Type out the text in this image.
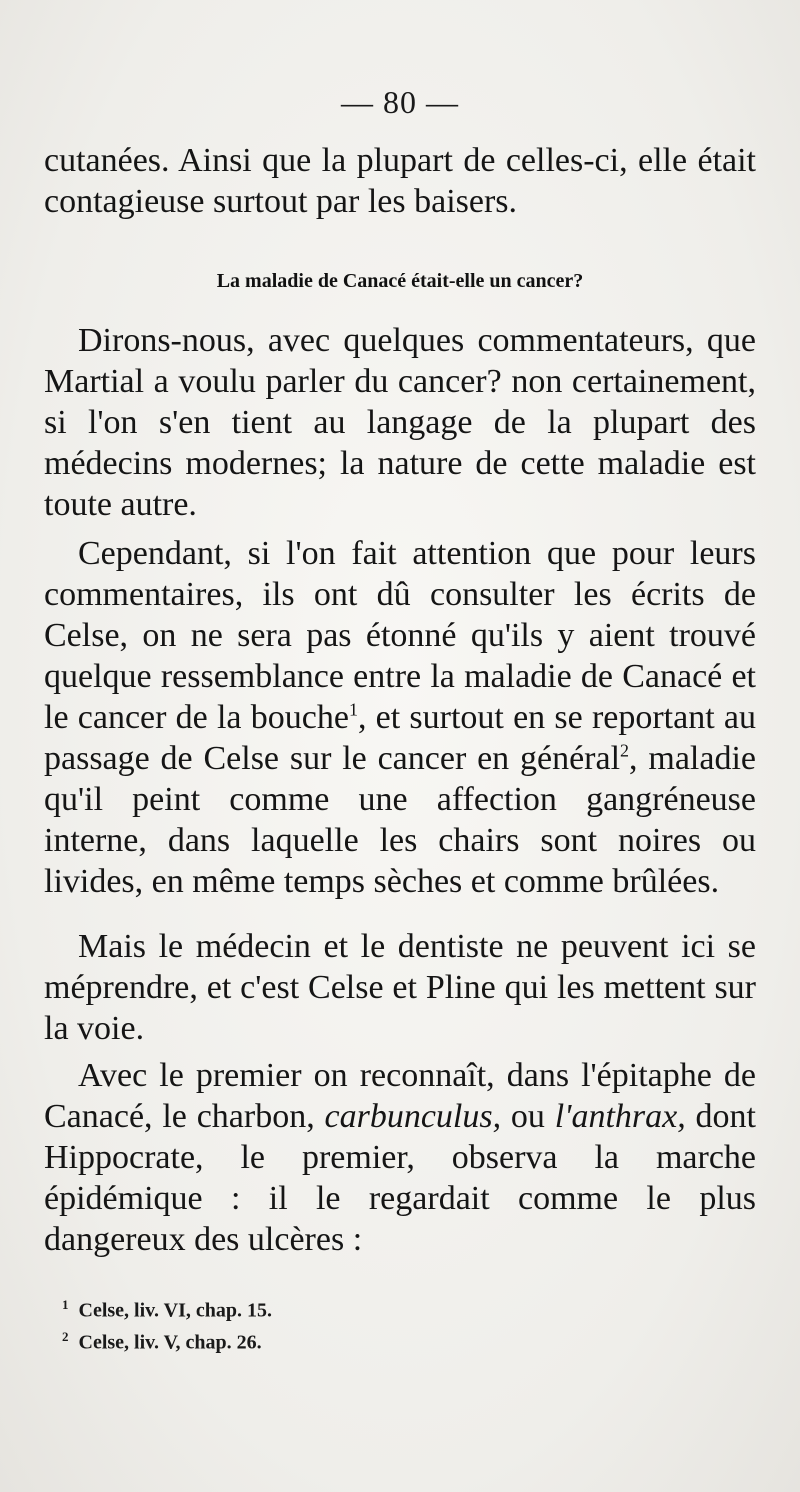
— 80 —

cutanées. Ainsi que la plupart de celles-ci, elle était contagieuse surtout par les baisers.

La maladie de Canacé était-elle un cancer?

Dirons-nous, avec quelques commentateurs, que Martial a voulu parler du cancer? non certainement, si l'on s'en tient au langage de la plupart des médecins modernes; la nature de cette maladie est toute autre.

Cependant, si l'on fait attention que pour leurs commentaires, ils ont dû consulter les écrits de Celse, on ne sera pas étonné qu'ils y aient trouvé quelque ressemblance entre la maladie de Canacé et le cancer de la bouche$^1$, et surtout en se reportant au passage de Celse sur le cancer en général$^2$, maladie qu'il peint comme une affection gangréneuse interne, dans laquelle les chairs sont noires ou livides, en même temps sèches et comme brûlées.

Mais le médecin et le dentiste ne peuvent ici se méprendre, et c'est Celse et Pline qui les mettent sur la voie.

Avec le premier on reconnaît, dans l'épitaphe de Canacé, le charbon, carbunculus, ou l'anthrax, dont Hippocrate, le premier, observa la marche épidémique : il le regardait comme le plus dangereux des ulcères :

$^1$ Celse, liv. VI, chap. 15.
$^2$ Celse, liv. V, chap. 26.
